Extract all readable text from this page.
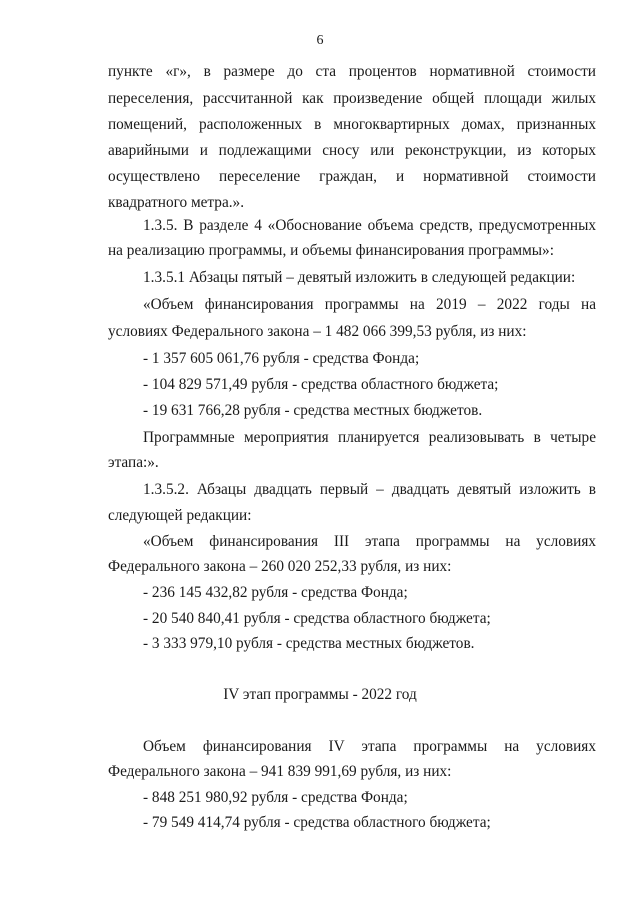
6
пункте «г», в размере до ста процентов нормативной стоимости
переселения, рассчитанной как произведение общей площади жилых
помещений, расположенных в многоквартирных домах, признанных
аварийными и подлежащими сносу или реконструкции, из которых
осуществлено переселение граждан, и нормативной стоимости
квадратного метра.».
1.3.5. В разделе 4 «Обоснование объема средств, предусмотренных
на реализацию программы, и объемы финансирования программы»:
1.3.5.1 Абзацы пятый – девятый изложить в следующей редакции:
«Объем финансирования программы на 2019 – 2022 годы на
условиях Федерального закона – 1 482 066 399,53 рубля, из них:
- 1 357 605 061,76 рубля - средства Фонда;
- 104 829 571,49 рубля - средства областного бюджета;
- 19 631 766,28 рубля - средства местных бюджетов.
Программные мероприятия планируется реализовывать в четыре
этапа:».
1.3.5.2. Абзацы двадцать первый – двадцать девятый изложить в
следующей редакции:
«Объем финансирования III этапа программы на условиях
Федерального закона – 260 020 252,33 рубля, из них:
- 236 145 432,82 рубля - средства Фонда;
- 20 540 840,41 рубля - средства областного бюджета;
- 3 333 979,10 рубля - средства местных бюджетов.
IV этап программы - 2022 год
Объем финансирования IV этапа программы на условиях
Федерального закона – 941 839 991,69 рубля, из них:
- 848 251 980,92 рубля - средства Фонда;
- 79 549 414,74 рубля - средства областного бюджета;
